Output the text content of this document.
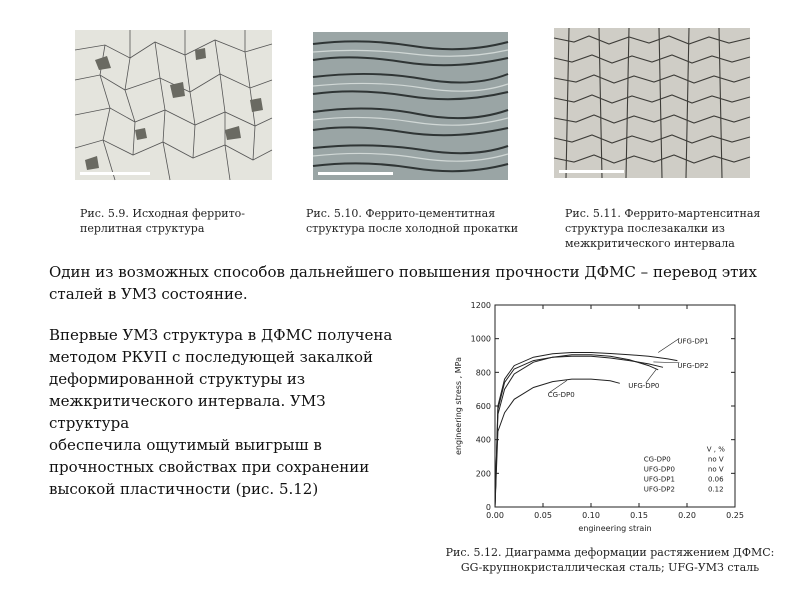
Рис. 5.9. Исходная феррито-
перлитная структура
Рис. 5.10. Феррито-цементитная
структура после холодной прокатки
Рис. 5.11. Феррито-мартенситная
структура послезакалки из
межкритического интервала
Один из возможных способов дальнейшего повышения прочности ДФМС – перевод этих
сталей в УМЗ состояние.
Впервые УМЗ структура в ДФМС получена
методом РКУП с последующей закалкой
деформированной структуры из
межкритического интервала. УМЗ структура
обеспечила ощутимый выигрыш в
прочностных свойствах при сохранении
высокой пластичности (рис. 5.12)
0
200
400
600
800
1000
1200
0.00	0.05	0.10	0.15	0.20	0.25
engineering strain
engineering stress , MPa
UFG-DP1
UFG-DP2
UFG-DP0
CG-DP0
V , %
CG-DP0	no V
UFG-DP0	no V
UFG-DP1	0.06
UFG-DP2	0.12
Рис. 5.12. Диаграмма деформации растяжением ДФМС:
GG-крупнокристаллическая сталь; UFG-УМЗ сталь
